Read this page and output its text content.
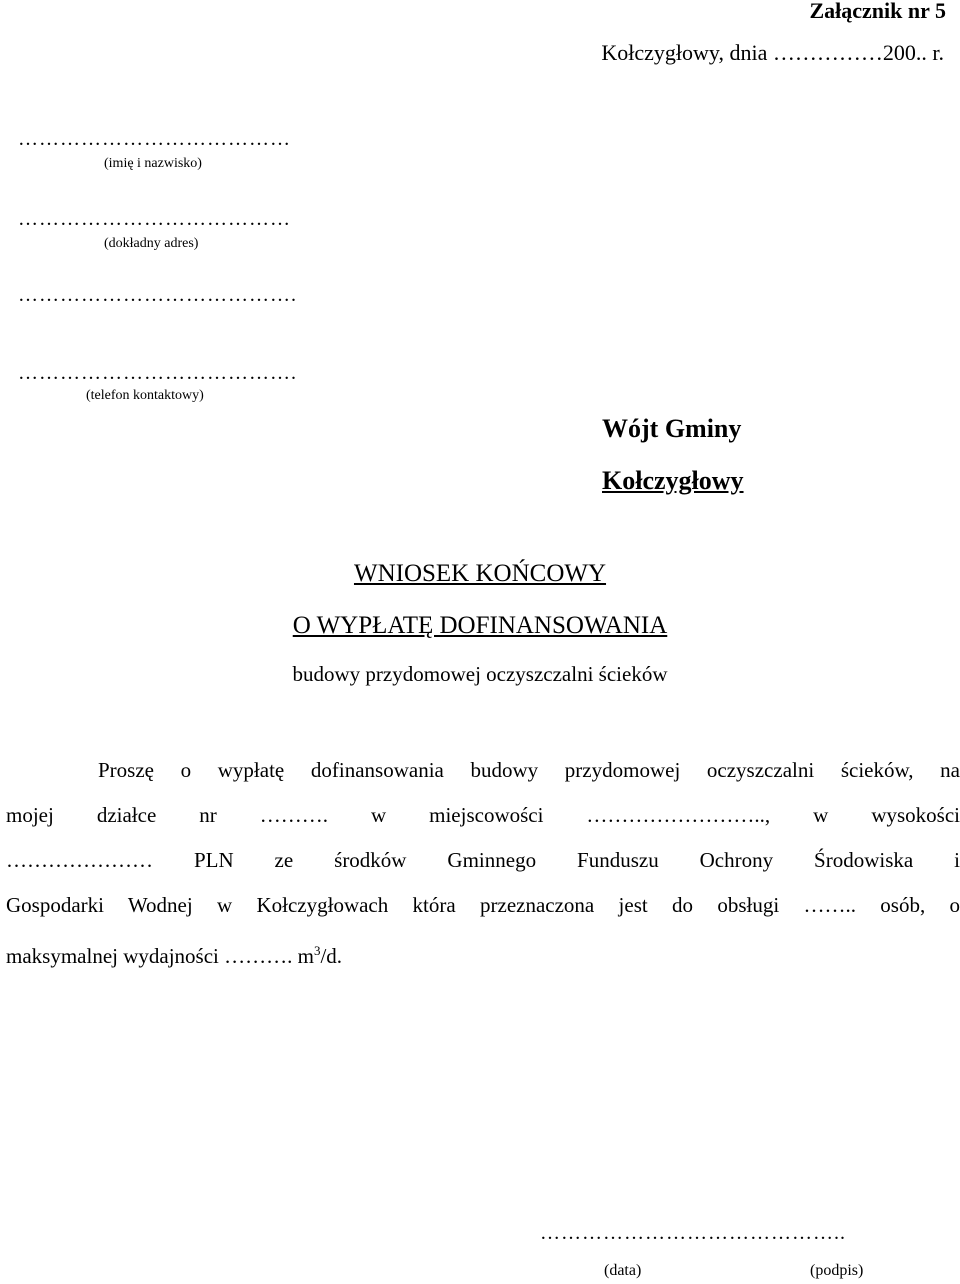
Załącznik nr 5
Kołczygłowy, dnia ……………200.. r.
…………………………………
(imię i nazwisko)
…………………………………
(dokładny adres)
………………………………….
………………………………….
(telefon kontaktowy)
Wójt Gminy
Kołczygłowy
WNIOSEK KOŃCOWY
O WYPŁATĘ DOFINANSOWANIA
budowy przydomowej oczyszczalni ścieków
Proszę o wypłatę dofinansowania budowy przydomowej oczyszczalni ścieków, na
mojej działce nr ………. w miejscowości …………………….., w wysokości
………………… PLN ze środków Gminnego Funduszu Ochrony Środowiska i
Gospodarki Wodnej w Kołczygłowach która przeznaczona jest do obsługi …….. osób, o
maksymalnej wydajności ………. $m^3/d$.
……………………………………..
(data)	(podpis)
